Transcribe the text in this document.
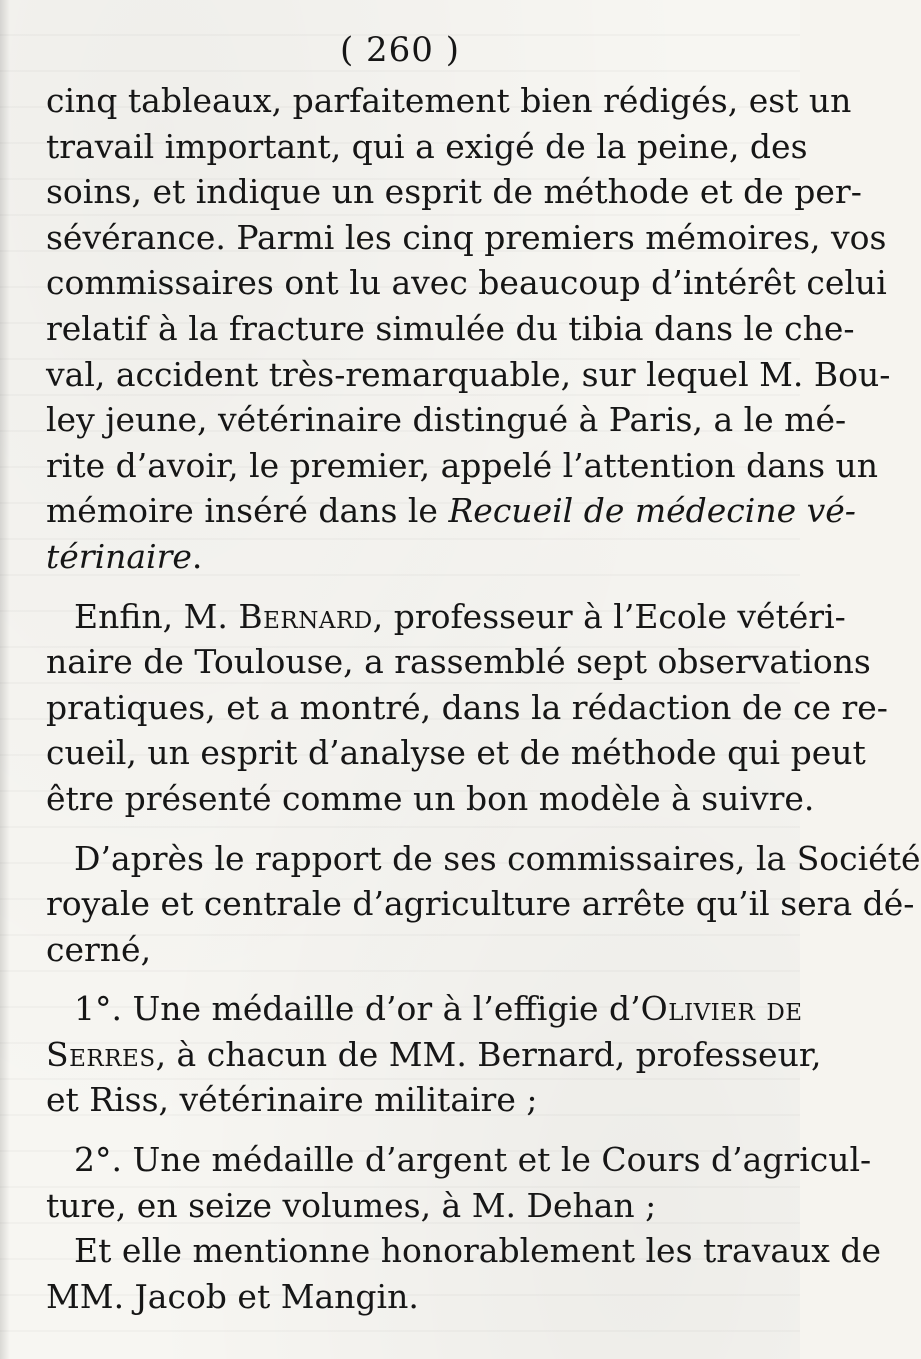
( 260 )
cinq tableaux, parfaitement bien rédigés, est un
travail important, qui a exigé de la peine, des
soins, et indique un esprit de méthode et de per-
sévérance. Parmi les cinq premiers mémoires, vos
commissaires ont lu avec beaucoup d’intérêt celui
relatif à la fracture simulée du tibia dans le che-
val, accident très-remarquable, sur lequel M. Bou-
ley jeune, vétérinaire distingué à Paris, a le mé-
rite d’avoir, le premier, appelé l’attention dans un
mémoire inséré dans le Recueil de médecine vé-
térinaire.
Enfin, M. Bernard, professeur à l’Ecole vétéri-
naire de Toulouse, a rassemblé sept observations
pratiques, et a montré, dans la rédaction de ce re-
cueil, un esprit d’analyse et de méthode qui peut
être présenté comme un bon modèle à suivre.
D’après le rapport de ses commissaires, la Société
royale et centrale d’agriculture arrête qu’il sera dé-
cerné,
1°. Une médaille d’or à l’effigie d’Olivier de
Serres, à chacun de MM. Bernard, professeur,
et Riss, vétérinaire militaire ;
2°. Une médaille d’argent et le Cours d’agricul-
ture, en seize volumes, à M. Dehan ;
Et elle mentionne honorablement les travaux de
MM. Jacob et Mangin.
